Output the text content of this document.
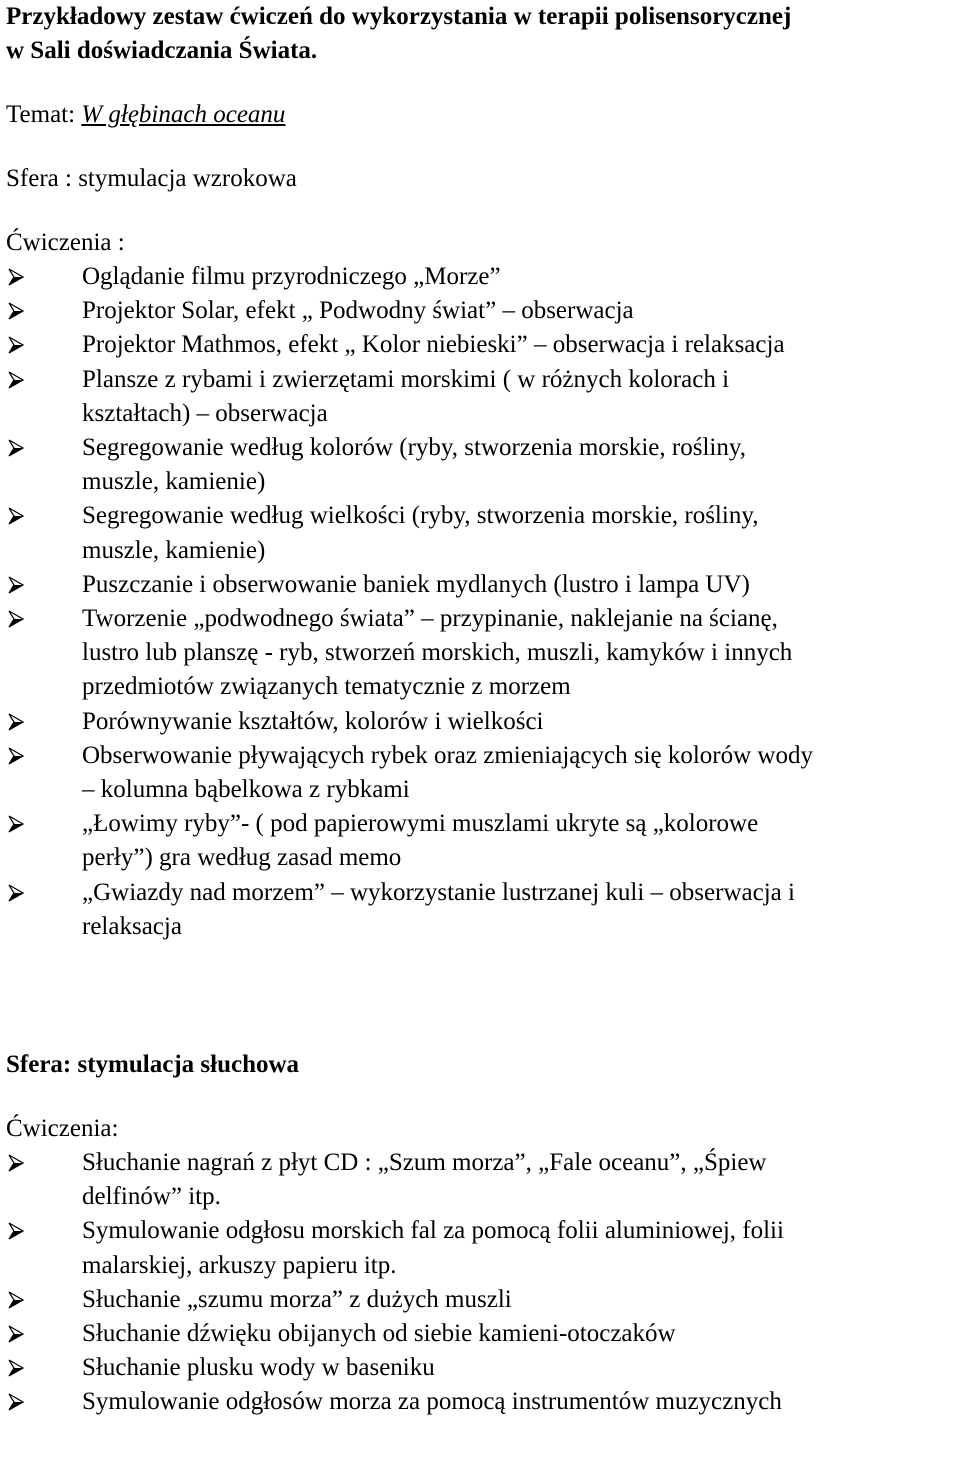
Przykładowy zestaw ćwiczeń do wykorzystania w terapii polisensorycznej
w Sali doświadczania Świata.
Temat: W głębinach oceanu
Sfera : stymulacja wzrokowa
Ćwiczenia :
Oglądanie filmu przyrodniczego „Morze”
Projektor Solar, efekt „ Podwodny świat” – obserwacja
Projektor Mathmos, efekt „ Kolor niebieski” – obserwacja i relaksacja
Plansze z rybami i zwierzętami morskimi ( w różnych kolorach i
kształtach) – obserwacja
Segregowanie według kolorów (ryby, stworzenia morskie, rośliny,
muszle, kamienie)
Segregowanie według wielkości (ryby, stworzenia morskie, rośliny,
muszle, kamienie)
Puszczanie i obserwowanie baniek mydlanych (lustro i lampa UV)
Tworzenie „podwodnego świata” – przypinanie, naklejanie na ścianę,
lustro lub planszę - ryb, stworzeń morskich, muszli, kamyków i innych
przedmiotów związanych tematycznie z morzem
Porównywanie kształtów, kolorów i wielkości
Obserwowanie pływających rybek oraz zmieniających się kolorów wody
– kolumna bąbelkowa z rybkami
„Łowimy ryby”- ( pod papierowymi muszlami ukryte są „kolorowe
perły”) gra według zasad memo
„Gwiazdy nad morzem” – wykorzystanie lustrzanej kuli – obserwacja i
relaksacja
Sfera: stymulacja słuchowa
Ćwiczenia:
Słuchanie nagrań z płyt CD : „Szum morza”, „Fale oceanu”, „Śpiew
delfinów” itp.
Symulowanie odgłosu morskich fal za pomocą folii aluminiowej, folii
malarskiej, arkuszy papieru itp.
Słuchanie „szumu morza” z dużych muszli
Słuchanie dźwięku obijanych od siebie kamieni-otoczaków
Słuchanie plusku wody w baseniku
Symulowanie odgłosów morza za pomocą instrumentów muzycznych
